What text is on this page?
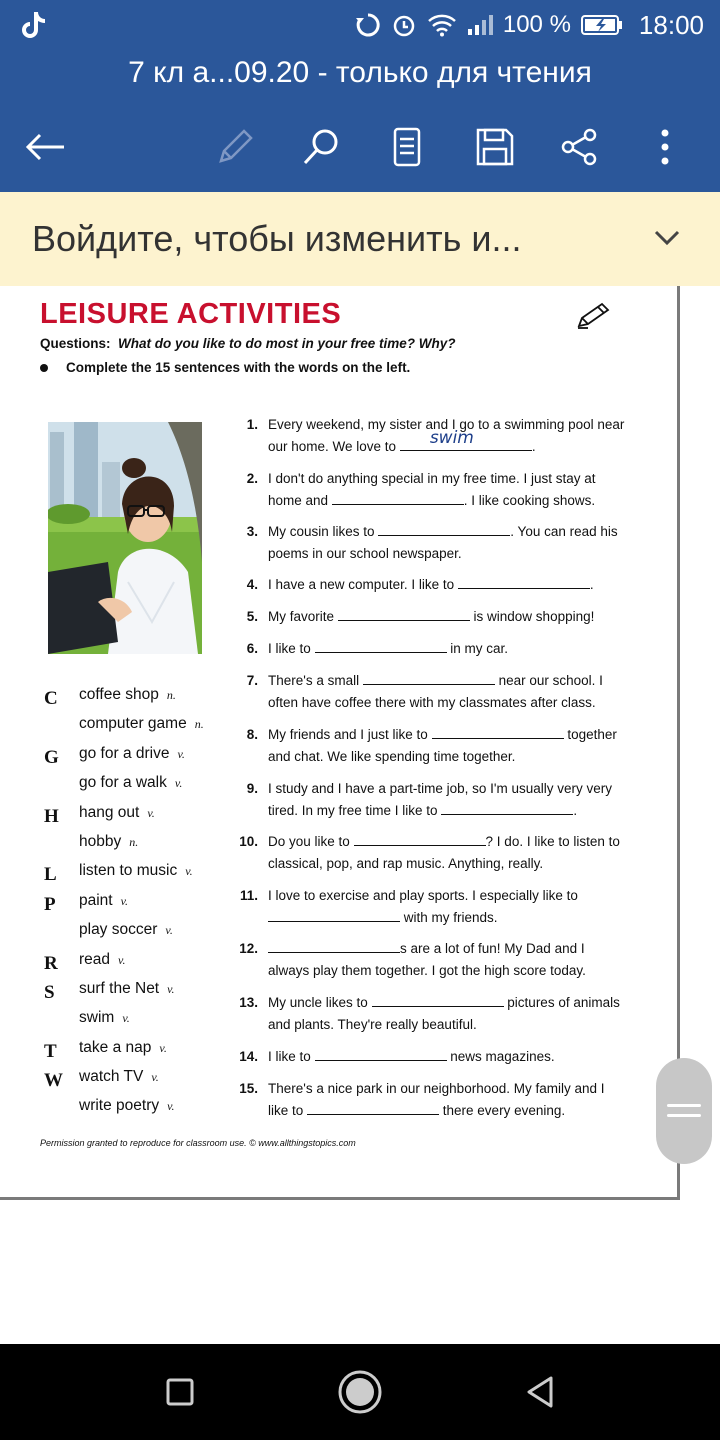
100 %	18:00
7 кл а...09.20 - только для чтения
Войдите, чтобы изменить и...
LEISURE ACTIVITIES
Questions: What do you like to do most in your free time? Why?
Complete the 15 sentences with the words on the left.
C coffee shop n.
computer game n.
G go for a drive v.
go for a walk v.
H hang out v.
hobby n.
L listen to music v.
P paint v.
play soccer v.
R read v.
S surf the Net v.
swim v.
T take a nap v.
W watch TV v.
write poetry v.
1. Every weekend, my sister and I go to a swimming pool near our home. We love to swim	.
2. I don't do anything special in my free time. I just stay at home and	. I like cooking shows.
3. My cousin likes to	. You can read his poems in our school newspaper.
4. I have a new computer. I like to	.
5. My favorite	is window shopping!
6. I like to	in my car.
7. There's a small	near our school. I often have coffee there with my classmates after class.
8. My friends and I just like to	together and chat. We like spending time together.
9. I study and I have a part-time job, so I'm usually very very tired. In my free time I like to	.
10. Do you like to	? I do. I like to listen to classical, pop, and rap music. Anything, really.
11. I love to exercise and play sports. I especially like to
with my friends.
12.	s are a lot of fun! My Dad and I always play them together. I got the high score today.
13. My uncle likes to	pictures of animals and plants. They're really beautiful.
14. I like to	news magazines.
15. There's a nice park in our neighborhood. My family and I like to	there every evening.
Permission granted to reproduce for classroom use. © www.allthingstopics.com
